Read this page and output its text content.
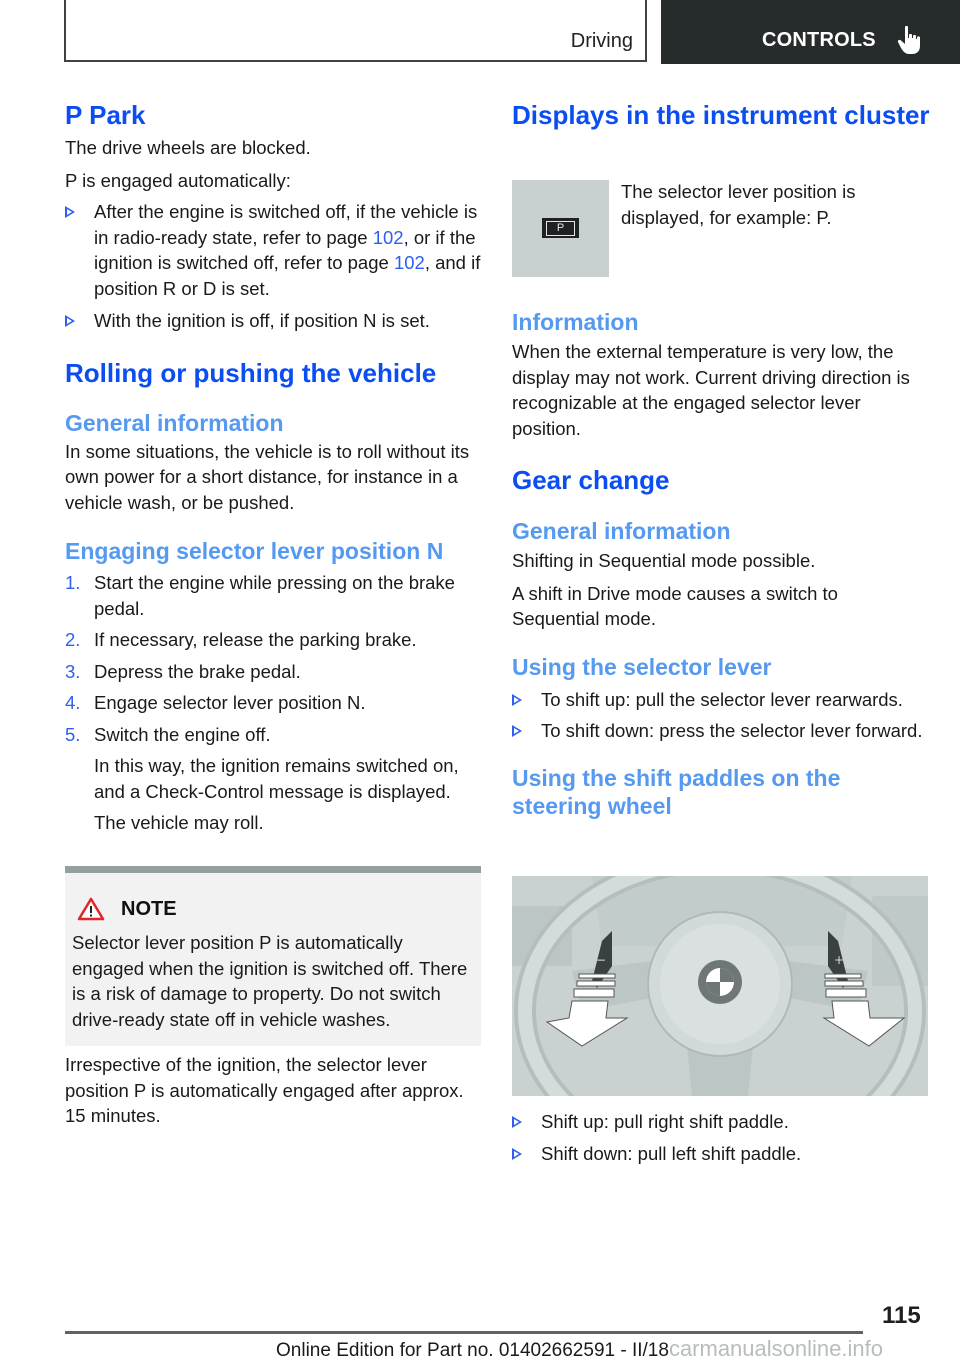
Driving	CONTROLS
P Park

The drive wheels are blocked.

P is engaged automatically:

After the engine is switched off, if the vehicle is in radio-ready state, refer to page 102, or if the ignition is switched off, refer to page 102, and if position R or D is set.
With the ignition is off, if position N is set.
Rolling or pushing the vehicle
General information

In some situations, the vehicle is to roll without its own power for a short distance, for instance in a vehicle wash, or be pushed.

Engaging selector lever position N
1. Start the engine while pressing on the brake pedal.
2. If necessary, release the parking brake.
3. Depress the brake pedal.
4. Engage selector lever position N.
5. Switch the engine off.
In this way, the ignition remains switched on, and a Check-Control message is displayed.
The vehicle may roll.
NOTE
Selector lever position P is automatically engaged when the ignition is switched off. There is a risk of damage to property. Do not switch drive-ready state off in vehicle washes.

Irrespective of the ignition, the selector lever position P is automatically engaged after approx. 15 minutes.

Displays in the instrument cluster

The selector lever position is displayed, for example: P.

Information

When the external temperature is very low, the display may not work. Current driving direction is recognizable at the engaged selector lever position.

Gear change
General information

Shifting in Sequential mode possible.

A shift in Drive mode causes a switch to Sequential mode.

Using the selector lever
To shift up: pull the selector lever rearwards.
To shift down: press the selector lever forward.
Using the shift paddles on the steering wheel
P
−	+
Shift up: pull right shift paddle.
Shift down: pull left shift paddle.
115
Online Edition for Part no. 01402662591 - II/18carmanualsonline.info
